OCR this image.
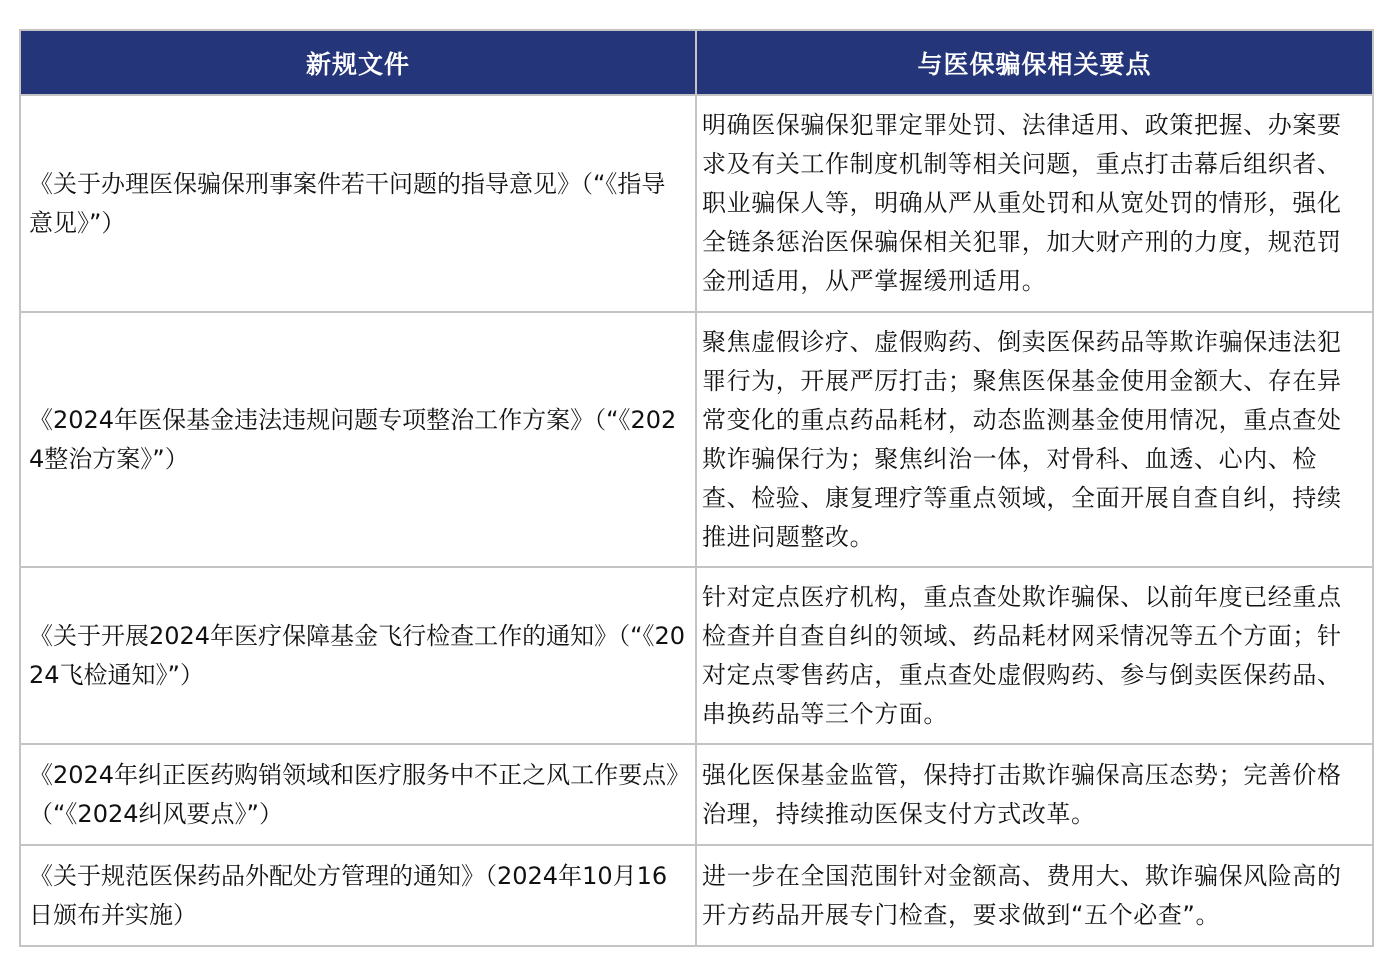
新规文件	与医保骗保相关要点
《关于办理医保骗保刑事案件若干问题的指导意见》（“《指导意见》”）	明确医保骗保犯罪定罪处罚、法律适用、政策把握、办案要求及有关工作制度机制等相关问题，重点打击幕后组织者、职业骗保人等，明确从严从重处罚和从宽处罚的情形，强化全链条惩治医保骗保相关犯罪，加大财产刑的力度，规范罚金刑适用，从严掌握缓刑适用。
《2024年医保基金违法违规问题专项整治工作方案》（“《2024整治方案》”）	聚焦虚假诊疗、虚假购药、倒卖医保药品等欺诈骗保违法犯罪行为，开展严厉打击；聚焦医保基金使用金额大、存在异常变化的重点药品耗材，动态监测基金使用情况，重点查处欺诈骗保行为；聚焦纠治一体，对骨科、血透、心内、检查、检验、康复理疗等重点领域，全面开展自查自纠，持续推进问题整改。
《关于开展2024年医疗保障基金飞行检查工作的通知》（“《2024飞检通知》”）	针对定点医疗机构，重点查处欺诈骗保、以前年度已经重点检查并自查自纠的领域、药品耗材网采情况等五个方面；针对定点零售药店，重点查处虚假购药、参与倒卖医保药品、串换药品等三个方面。
《2024年纠正医药购销领域和医疗服务中不正之风工作要点》（“《2024纠风要点》”）	强化医保基金监管，保持打击欺诈骗保高压态势；完善价格治理，持续推动医保支付方式改革。
《关于规范医保药品外配处方管理的通知》（2024年10月16日颁布并实施）	进一步在全国范围针对金额高、费用大、欺诈骗保风险高的开方药品开展专门检查，要求做到“五个必查”。
